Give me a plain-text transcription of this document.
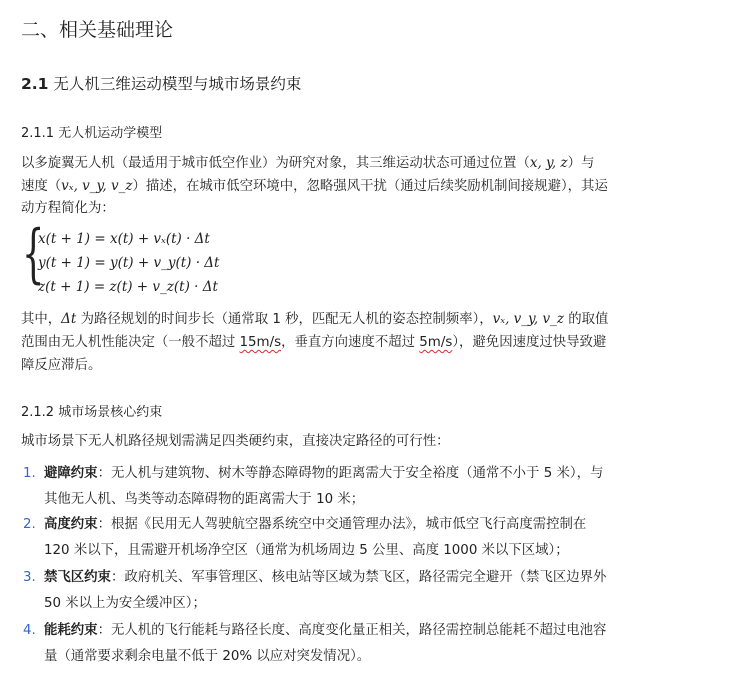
二、相关基础理论
2.1 无人机三维运动模型与城市场景约束
2.1.1 无人机运动学模型
以多旋翼无人机（最适用于城市低空作业）为研究对象，其三维运动状态可通过位置（x, y, z）与
速度（vₓ, v_y, v_z）描述，在城市低空环境中，忽略强风干扰（通过后续奖励机制间接规避），其运
动方程简化为：
{
x(t + 1) = x(t) + vₓ(t) · Δt
y(t + 1) = y(t) + v_y(t) · Δt
z(t + 1) = z(t) + v_z(t) · Δt
其中，Δt 为路径规划的时间步长（通常取 1 秒，匹配无人机的姿态控制频率），vₓ, v_y, v_z 的取值
范围由无人机性能决定（一般不超过 15m/s，垂直方向速度不超过 5m/s），避免因速度过快导致避
障反应滞后。
2.1.2 城市场景核心约束
城市场景下无人机路径规划需满足四类硬约束，直接决定路径的可行性：
1. 避障约束：无人机与建筑物、树木等静态障碍物的距离需大于安全裕度（通常不小于 5 米），与
其他无人机、鸟类等动态障碍物的距离需大于 10 米；
2. 高度约束：根据《民用无人驾驶航空器系统空中交通管理办法》，城市低空飞行高度需控制在
120 米以下，且需避开机场净空区（通常为机场周边 5 公里、高度 1000 米以下区域）；
3. 禁飞区约束：政府机关、军事管理区、核电站等区域为禁飞区，路径需完全避开（禁飞区边界外
50 米以上为安全缓冲区）；
4. 能耗约束：无人机的飞行能耗与路径长度、高度变化量正相关，路径需控制总能耗不超过电池容
量（通常要求剩余电量不低于 20% 以应对突发情况）。
